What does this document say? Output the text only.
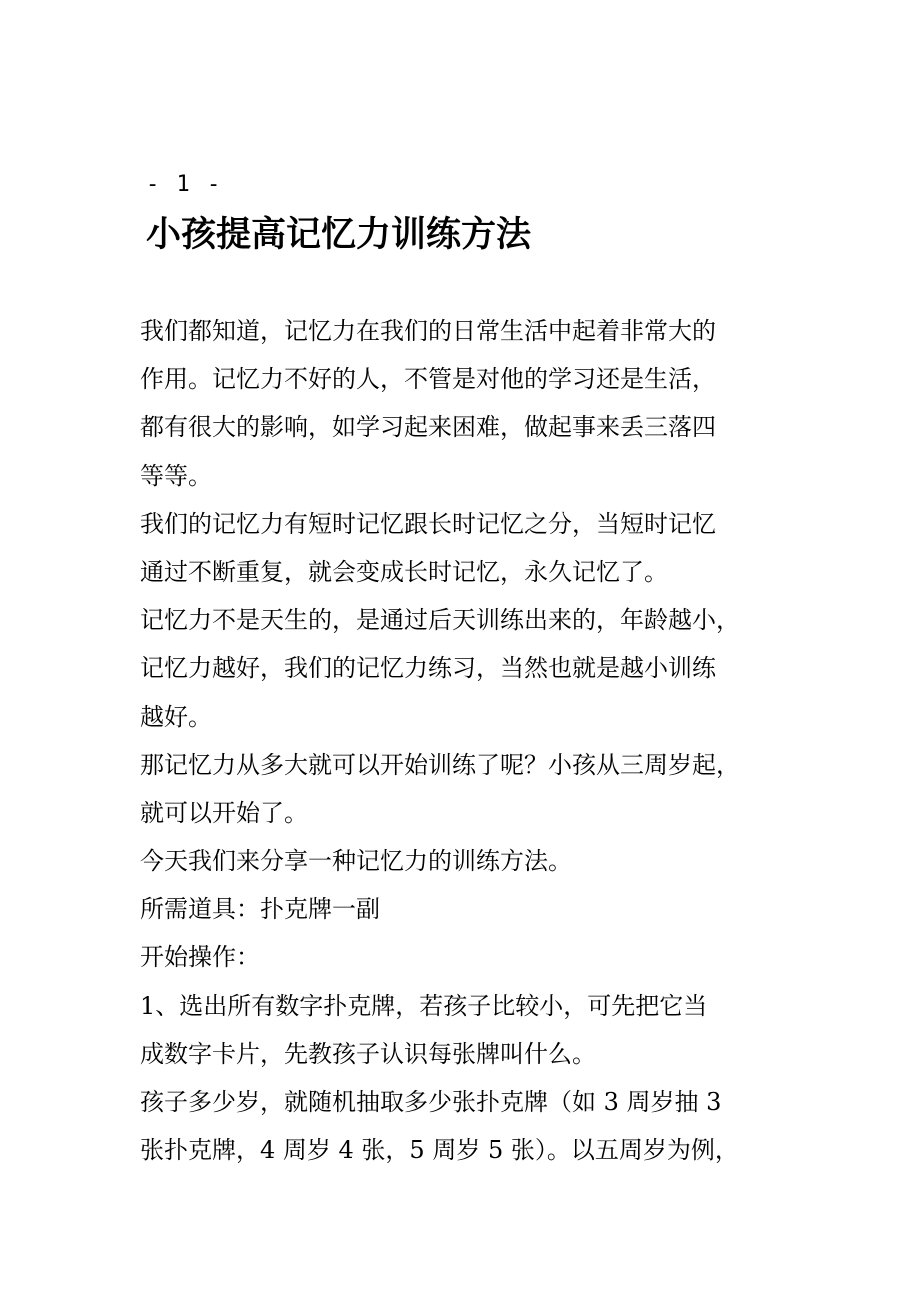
- 1 -
小孩提高记忆力训练方法
我们都知道，记忆力在我们的日常生活中起着非常大的
作用。记忆力不好的人，不管是对他的学习还是生活，
都有很大的影响，如学习起来困难，做起事来丢三落四
等等。
我们的记忆力有短时记忆跟长时记忆之分，当短时记忆
通过不断重复，就会变成长时记忆，永久记忆了。
记忆力不是天生的，是通过后天训练出来的，年龄越小，
记忆力越好，我们的记忆力练习，当然也就是越小训练
越好。
那记忆力从多大就可以开始训练了呢？小孩从三周岁起，
就可以开始了。
今天我们来分享一种记忆力的训练方法。
所需道具：扑克牌一副
开始操作：
1、选出所有数字扑克牌，若孩子比较小，可先把它当
成数字卡片，先教孩子认识每张牌叫什么。
孩子多少岁，就随机抽取多少张扑克牌（如 3 周岁抽 3
张扑克牌，4 周岁 4 张，5 周岁 5 张）。以五周岁为例，
